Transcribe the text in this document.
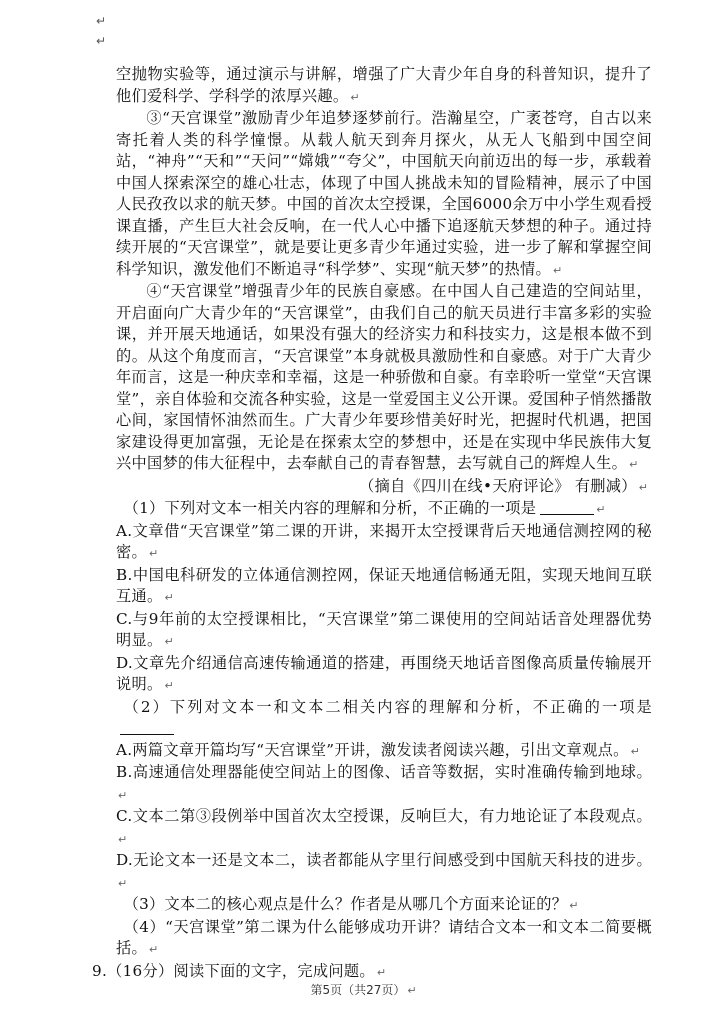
↵
↵

空抛物实验等，通过演示与讲解，增强了广大青少年自身的科普知识，提升了他们爱科学、学科学的浓厚兴趣。 ↵

③“天宫课堂”激励青少年追梦逐梦前行。浩瀚星空，广袤苍穹，自古以来寄托着人类的科学憧憬。从载人航天到奔月探火，从无人飞船到中国空间站，“神舟”“天和”“天问”“嫦娥”“夸父”，中国航天向前迈出的每一步，承载着中国人探索深空的雄心壮志，体现了中国人挑战未知的冒险精神，展示了中国人民孜孜以求的航天梦。中国的首次太空授课，全国6000余万中小学生观看授课直播，产生巨大社会反响，在一代人心中播下追逐航天梦想的种子。通过持续开展的“天宫课堂”，就是要让更多青少年通过实验，进一步了解和掌握空间科学知识，激发他们不断追寻“科学梦”、实现“航天梦”的热情。 ↵

④“天宫课堂”增强青少年的民族自豪感。在中国人自己建造的空间站里，开启面向广大青少年的“天宫课堂”，由我们自己的航天员进行丰富多彩的实验课，并开展天地通话，如果没有强大的经济实力和科技实力，这是根本做不到的。从这个角度而言，“天宫课堂”本身就极具激励性和自豪感。对于广大青少年而言，这是一种庆幸和幸福，这是一种骄傲和自豪。有幸聆听一堂堂“天宫课堂”，亲自体验和交流各种实验，这是一堂爱国主义公开课。爱国种子悄然播散心间，家国情怀油然而生。广大青少年要珍惜美好时光，把握时代机遇，把国家建设得更加富强，无论是在探索太空的梦想中，还是在实现中华民族伟大复兴中国梦的伟大征程中，去奉献自己的青春智慧，去写就自己的辉煌人生。 ↵

（摘自《四川在线•天府评论》 有删减） ↵

（1）下列对文本一相关内容的理解和分析，不正确的一项是	↵

A.文章借“天宫课堂”第二课的开讲，来揭开太空授课背后天地通信测控网的秘密。 ↵

B.中国电科研发的立体通信测控网，保证天地通信畅通无阻，实现天地间互联互通。 ↵

C.与9年前的太空授课相比，“天宫课堂”第二课使用的空间站话音处理器优势明显。 ↵

D.文章先介绍通信高速传输通道的搭建，再围绕天地话音图像高质量传输展开说明。 ↵

（2）下列对文本一和文本二相关内容的理解和分析，不正确的一项是

A.两篇文章开篇均写“天宫课堂”开讲，激发读者阅读兴趣，引出文章观点。 ↵

B.高速通信处理器能使空间站上的图像、话音等数据，实时准确传输到地球。↵

C.文本二第③段例举中国首次太空授课，反响巨大，有力地论证了本段观点。↵

D.无论文本一还是文本二，读者都能从字里行间感受到中国航天科技的进步。↵

（3）文本二的核心观点是什么？作者是从哪几个方面来论证的？ ↵

（4）“天宫课堂”第二课为什么能够成功开讲？请结合文本一和文本二简要概括。 ↵

9.（16分）阅读下面的文字，完成问题。 ↵

第5页（共27页） ↵
